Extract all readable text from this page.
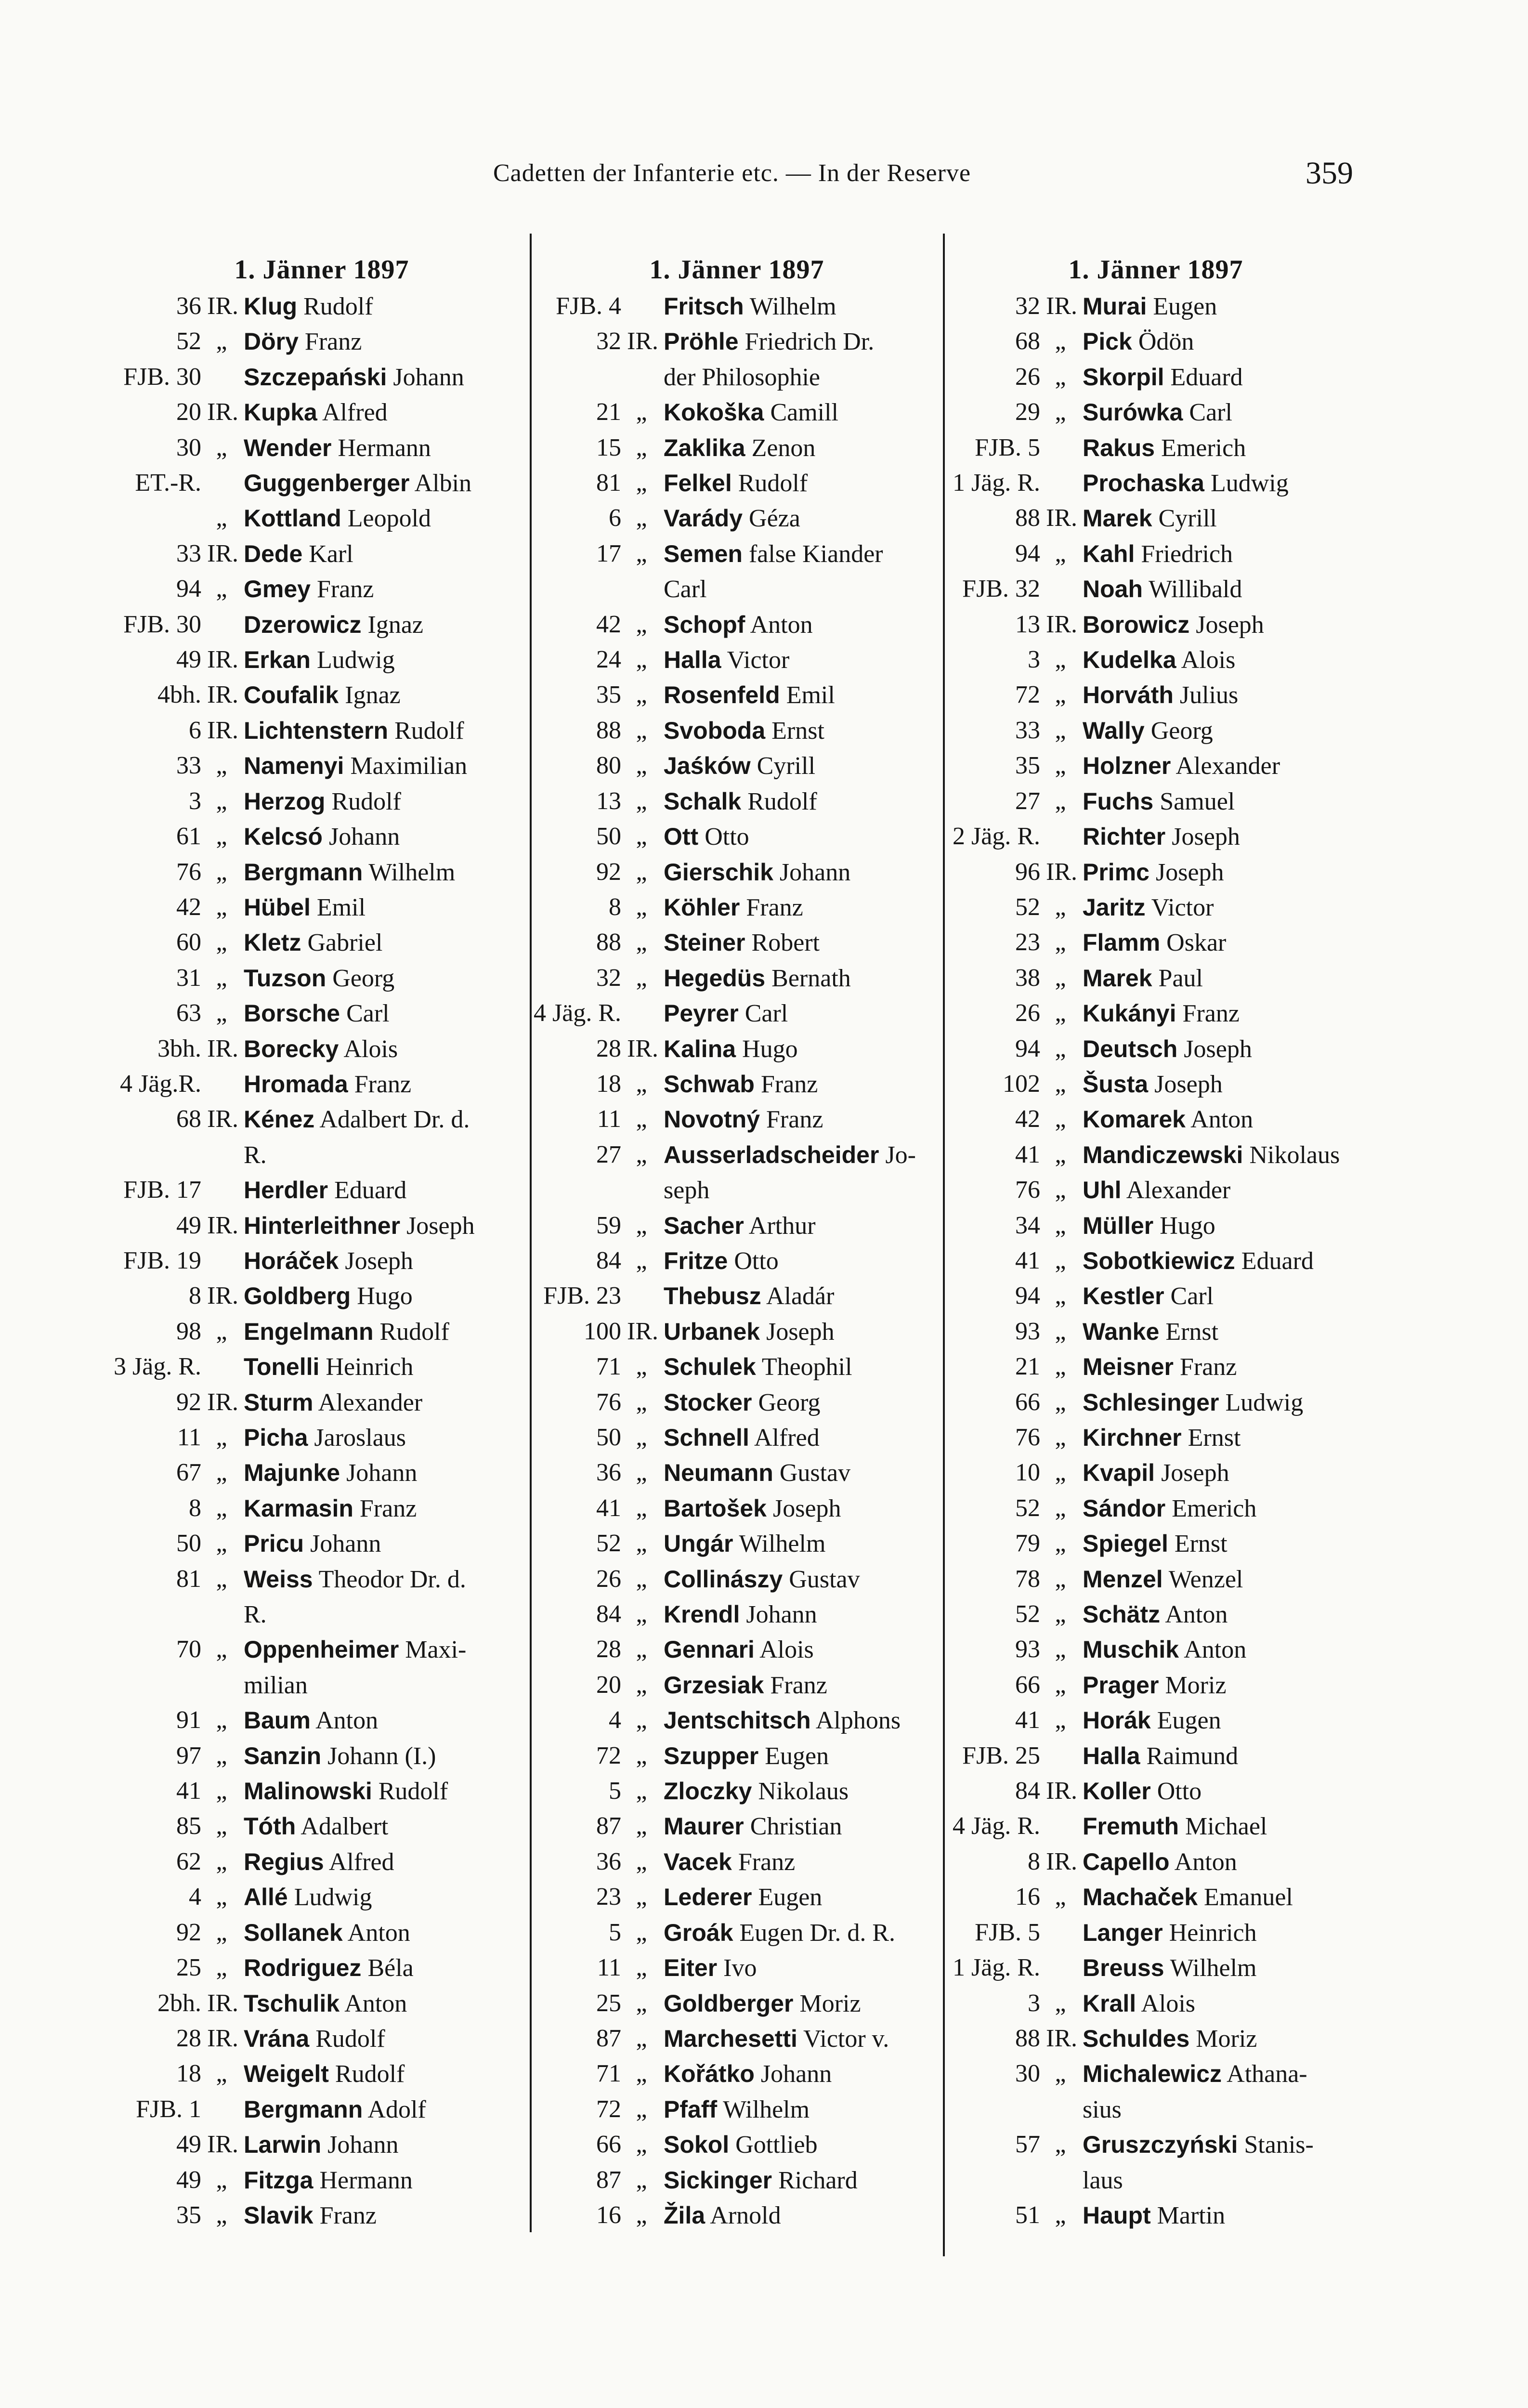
Cadetten der Infanterie etc. — In der Reserve	359
1. Jänner 1897
36 IR. Klug Rudolf
52 „ Döry Franz
FJB. 30 Szczepański Johann
20 IR. Kupka Alfred
30 „ Wender Hermann
ET.-R. Guggenberger Albin
„ Kottland Leopold
33 IR. Dede Karl
94 „ Gmey Franz
FJB. 30 Dzerowicz Ignaz
49 IR. Erkan Ludwig
4bh. IR. Coufalik Ignaz
6 IR. Lichtenstern Rudolf
33 „ Namenyi Maximilian
3 „ Herzog Rudolf
61 „ Kelcsó Johann
76 „ Bergmann Wilhelm
42 „ Hübel Emil
60 „ Kletz Gabriel
31 „ Tuzson Georg
63 „ Borsche Carl
3bh. IR. Borecky Alois
4 Jäg.R. Hromada Franz
68 IR. Kénez Adalbert Dr. d.
R.
FJB. 17 Herdler Eduard
49 IR. Hinterleithner Joseph
FJB. 19 Horáček Joseph
8 IR. Goldberg Hugo
98 „ Engelmann Rudolf
3 Jäg. R. Tonelli Heinrich
92 IR. Sturm Alexander
11 „ Picha Jaroslaus
67 „ Majunke Johann
8 „ Karmasin Franz
50 „ Pricu Johann
81 „ Weiss Theodor Dr. d.
R.
70 „ Oppenheimer Maxi-
milian
91 „ Baum Anton
97 „ Sanzin Johann (I.)
41 „ Malinowski Rudolf
85 „ Tóth Adalbert
62 „ Regius Alfred
4 „ Allé Ludwig
92 „ Sollanek Anton
25 „ Rodriguez Béla
2bh. IR. Tschulik Anton
28 IR. Vrána Rudolf
18 „ Weigelt Rudolf
FJB. 1 Bergmann Adolf
49 IR. Larwin Johann
49 „ Fitzga Hermann
35 „ Slavik Franz
1. Jänner 1897
FJB. 4 Fritsch Wilhelm
32 IR. Pröhle Friedrich Dr.
der Philosophie
21 „ Kokoška Camill
15 „ Zaklika Zenon
81 „ Felkel Rudolf
6 „ Varády Géza
17 „ Semen false Kiander
Carl
42 „ Schopf Anton
24 „ Halla Victor
35 „ Rosenfeld Emil
88 „ Svoboda Ernst
80 „ Jaśków Cyrill
13 „ Schalk Rudolf
50 „ Ott Otto
92 „ Gierschik Johann
8 „ Köhler Franz
88 „ Steiner Robert
32 „ Hegedüs Bernath
4 Jäg. R. Peyrer Carl
28 IR. Kalina Hugo
18 „ Schwab Franz
11 „ Novotný Franz
27 „ Ausserladscheider Jo-
seph
59 „ Sacher Arthur
84 „ Fritze Otto
FJB. 23 Thebusz Aladár
100 IR. Urbanek Joseph
71 „ Schulek Theophil
76 „ Stocker Georg
50 „ Schnell Alfred
36 „ Neumann Gustav
41 „ Bartošek Joseph
52 „ Ungár Wilhelm
26 „ Collinászy Gustav
84 „ Krendl Johann
28 „ Gennari Alois
20 „ Grzesiak Franz
4 „ Jentschitsch Alphons
72 „ Szupper Eugen
5 „ Zloczky Nikolaus
87 „ Maurer Christian
36 „ Vacek Franz
23 „ Lederer Eugen
5 „ Groák Eugen Dr. d. R.
11 „ Eiter Ivo
25 „ Goldberger Moriz
87 „ Marchesetti Victor v.
71 „ Kořátko Johann
72 „ Pfaff Wilhelm
66 „ Sokol Gottlieb
87 „ Sickinger Richard
16 „ Žila Arnold
1. Jänner 1897
32 IR. Murai Eugen
68 „ Pick Ödön
26 „ Skorpil Eduard
29 „ Surówka Carl
FJB. 5 Rakus Emerich
1 Jäg. R. Prochaska Ludwig
88 IR. Marek Cyrill
94 „ Kahl Friedrich
FJB. 32 Noah Willibald
13 IR. Borowicz Joseph
3 „ Kudelka Alois
72 „ Horváth Julius
33 „ Wally Georg
35 „ Holzner Alexander
27 „ Fuchs Samuel
2 Jäg. R. Richter Joseph
96 IR. Primc Joseph
52 „ Jaritz Victor
23 „ Flamm Oskar
38 „ Marek Paul
26 „ Kukányi Franz
94 „ Deutsch Joseph
102 „ Šusta Joseph
42 „ Komarek Anton
41 „ Mandiczewski Nikolaus
76 „ Uhl Alexander
34 „ Müller Hugo
41 „ Sobotkiewicz Eduard
94 „ Kestler Carl
93 „ Wanke Ernst
21 „ Meisner Franz
66 „ Schlesinger Ludwig
76 „ Kirchner Ernst
10 „ Kvapil Joseph
52 „ Sándor Emerich
79 „ Spiegel Ernst
78 „ Menzel Wenzel
52 „ Schätz Anton
93 „ Muschik Anton
66 „ Prager Moriz
41 „ Horák Eugen
FJB. 25 Halla Raimund
84 IR. Koller Otto
4 Jäg. R. Fremuth Michael
8 IR. Capello Anton
16 „ Machaček Emanuel
FJB. 5 Langer Heinrich
1 Jäg. R. Breuss Wilhelm
3 „ Krall Alois
88 IR. Schuldes Moriz
30 „ Michalewicz Athana-
sius
57 „ Gruszczyński Stanis-
laus
51 „ Haupt Martin
